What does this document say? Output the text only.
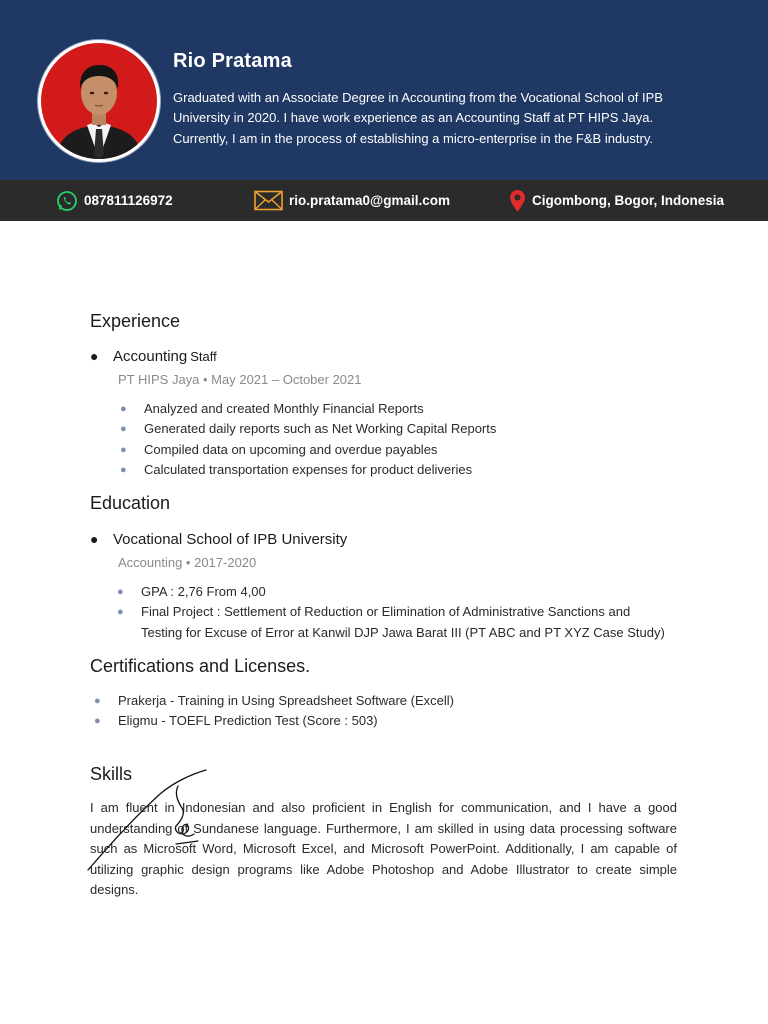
Rio Pratama
Graduated with an Associate Degree in Accounting from the Vocational School of IPB University in 2020. I have work experience as an Accounting Staff at PT HIPS Jaya. Currently, I am in the process of establishing a micro-enterprise in the F&B industry.
087811126972	rio.pratama0@gmail.com	Cigombong, Bogor, Indonesia
Experience
● Accounting Staff
PT HIPS Jaya • May 2021 – October 2021
● Analyzed and created Monthly Financial Reports
● Generated daily reports such as Net Working Capital Reports
● Compiled data on upcoming and overdue payables
● Calculated transportation expenses for product deliveries
Education
● Vocational School of IPB University
Accounting • 2017-2020
● GPA : 2,76 From 4,00
● Final Project : Settlement of Reduction or Elimination of Administrative Sanctions and Testing for Excuse of Error at Kanwil DJP Jawa Barat III (PT ABC and PT XYZ Case Study)
Certifications and Licenses.
● Prakerja - Training in Using Spreadsheet Software (Excell)
● Eligmu - TOEFL Prediction Test (Score : 503)
Skills
I am fluent in Indonesian and also proficient in English for communication, and I have a good understanding of Sundanese language. Furthermore, I am skilled in using data processing software such as Microsoft Word, Microsoft Excel, and Microsoft PowerPoint. Additionally, I am capable of utilizing graphic design programs like Adobe Photoshop and Adobe Illustrator to create simple designs.
